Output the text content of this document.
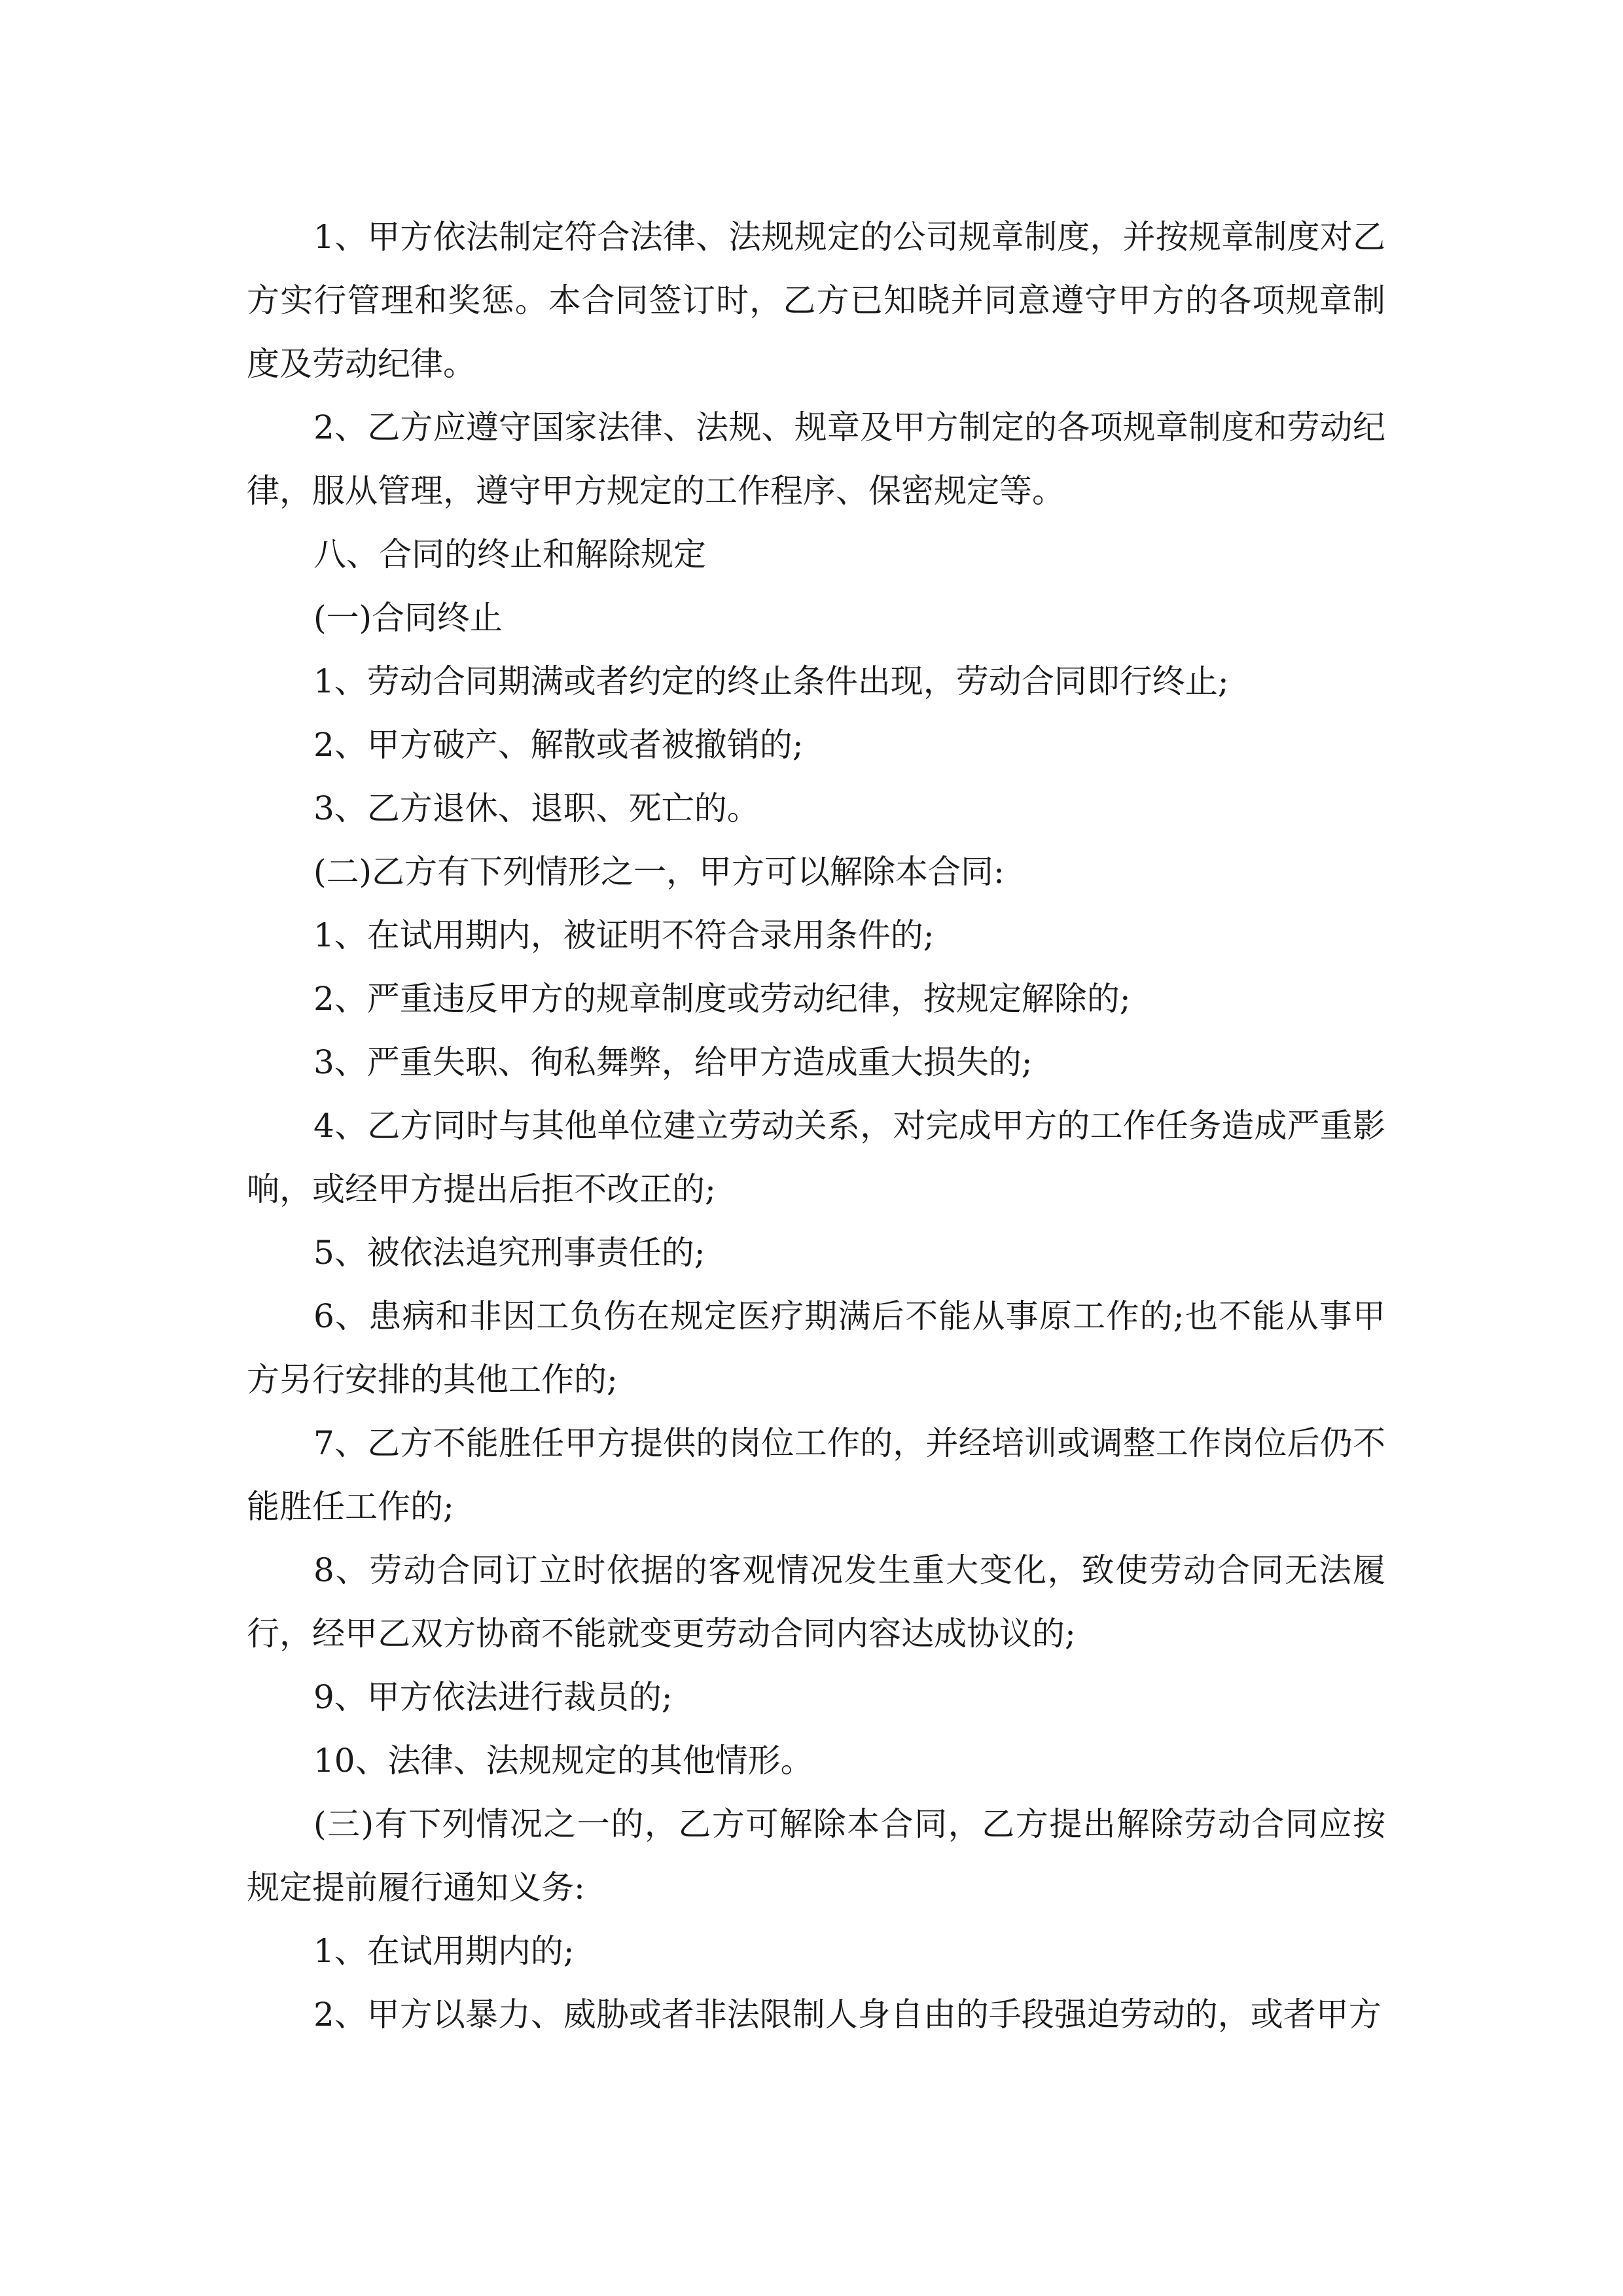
1、甲方依法制定符合法律、法规规定的公司规章制度，并按规章制度对乙方实行管理和奖惩。本合同签订时，乙方已知晓并同意遵守甲方的各项规章制度及劳动纪律。

2、乙方应遵守国家法律、法规、规章及甲方制定的各项规章制度和劳动纪律，服从管理，遵守甲方规定的工作程序、保密规定等。

八、合同的终止和解除规定

(一)合同终止

1、劳动合同期满或者约定的终止条件出现，劳动合同即行终止;

2、甲方破产、解散或者被撤销的;

3、乙方退休、退职、死亡的。

(二)乙方有下列情形之一，甲方可以解除本合同:

1、在试用期内，被证明不符合录用条件的;

2、严重违反甲方的规章制度或劳动纪律，按规定解除的;

3、严重失职、徇私舞弊，给甲方造成重大损失的;

4、乙方同时与其他单位建立劳动关系，对完成甲方的工作任务造成严重影响，或经甲方提出后拒不改正的;

5、被依法追究刑事责任的;

6、患病和非因工负伤在规定医疗期满后不能从事原工作的;也不能从事甲方另行安排的其他工作的;

7、乙方不能胜任甲方提供的岗位工作的，并经培训或调整工作岗位后仍不能胜任工作的;

8、劳动合同订立时依据的客观情况发生重大变化，致使劳动合同无法履行，经甲乙双方协商不能就变更劳动合同内容达成协议的;

9、甲方依法进行裁员的;

10、法律、法规规定的其他情形。

(三)有下列情况之一的，乙方可解除本合同，乙方提出解除劳动合同应按规定提前履行通知义务:

1、在试用期内的;

2、甲方以暴力、威胁或者非法限制人身自由的手段强迫劳动的，或者甲方
